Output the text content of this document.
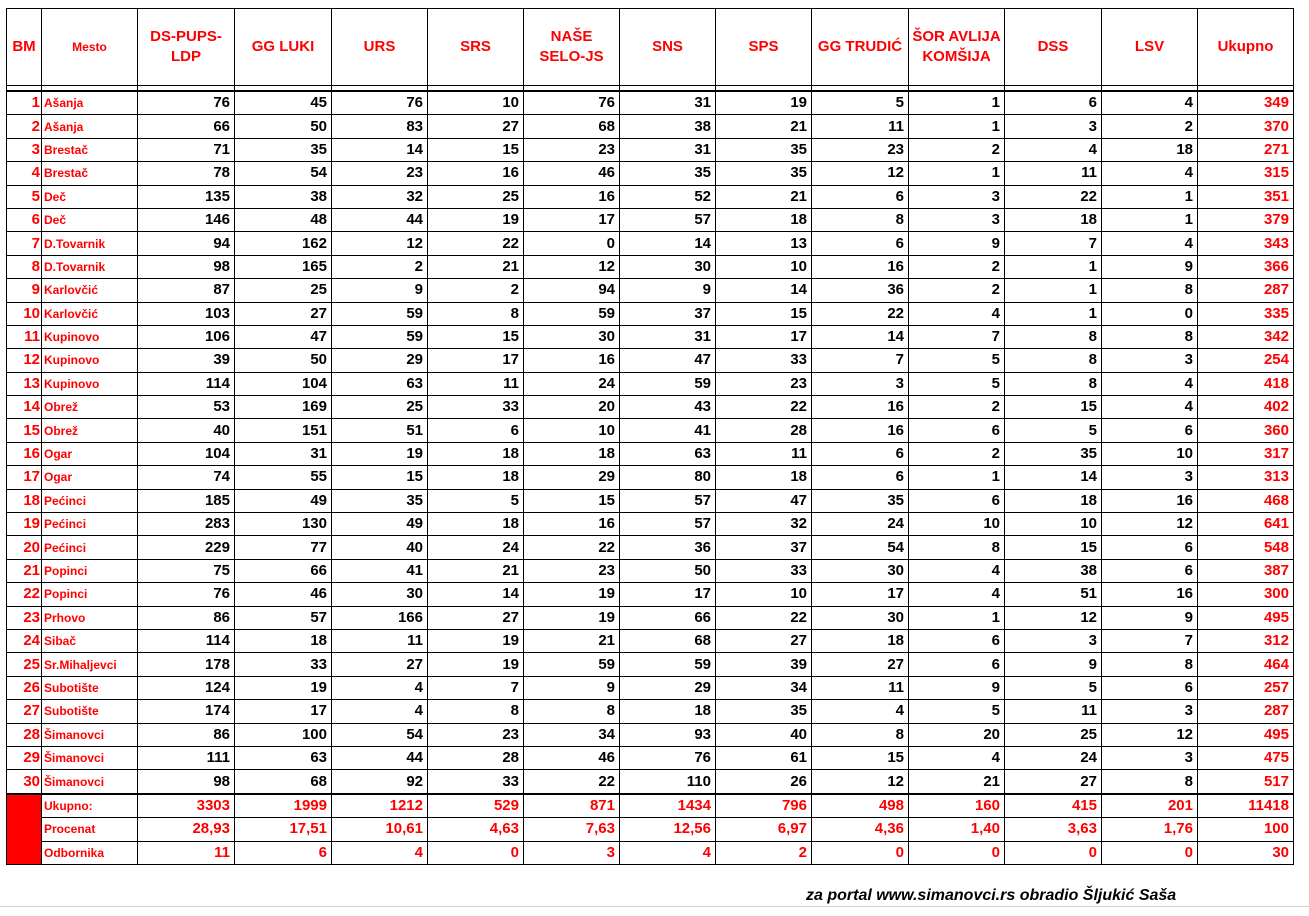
BM	Mesto	DS-PUPS-LDP	GG LUKI	URS	SRS	NAŠE SELO-JS	SNS	SPS	GG TRUDIĆ	ŠOR AVLIJA KOMŠIJA	DSS	LSV	Ukupno

1	Ašanja	76	45	76	10	76	31	19	5	1	6	4	349
2	Ašanja	66	50	83	27	68	38	21	11	1	3	2	370
3	Brestač	71	35	14	15	23	31	35	23	2	4	18	271
4	Brestač	78	54	23	16	46	35	35	12	1	11	4	315
5	Deč	135	38	32	25	16	52	21	6	3	22	1	351
6	Deč	146	48	44	19	17	57	18	8	3	18	1	379
7	D.Tovarnik	94	162	12	22	0	14	13	6	9	7	4	343
8	D.Tovarnik	98	165	2	21	12	30	10	16	2	1	9	366
9	Karlovčić	87	25	9	2	94	9	14	36	2	1	8	287
10	Karlovčić	103	27	59	8	59	37	15	22	4	1	0	335
11	Kupinovo	106	47	59	15	30	31	17	14	7	8	8	342
12	Kupinovo	39	50	29	17	16	47	33	7	5	8	3	254
13	Kupinovo	114	104	63	11	24	59	23	3	5	8	4	418
14	Obrež	53	169	25	33	20	43	22	16	2	15	4	402
15	Obrež	40	151	51	6	10	41	28	16	6	5	6	360
16	Ogar	104	31	19	18	18	63	11	6	2	35	10	317
17	Ogar	74	55	15	18	29	80	18	6	1	14	3	313
18	Pećinci	185	49	35	5	15	57	47	35	6	18	16	468
19	Pećinci	283	130	49	18	16	57	32	24	10	10	12	641
20	Pećinci	229	77	40	24	22	36	37	54	8	15	6	548
21	Popinci	75	66	41	21	23	50	33	30	4	38	6	387
22	Popinci	76	46	30	14	19	17	10	17	4	51	16	300
23	Prhovo	86	57	166	27	19	66	22	30	1	12	9	495
24	Sibač	114	18	11	19	21	68	27	18	6	3	7	312
25	Sr.Mihaljevci	178	33	27	19	59	59	39	27	6	9	8	464
26	Subotište	124	19	4	7	9	29	34	11	9	5	6	257
27	Subotište	174	17	4	8	8	18	35	4	5	11	3	287
28	Šimanovci	86	100	54	23	34	93	40	8	20	25	12	495
29	Šimanovci	111	63	44	28	46	76	61	15	4	24	3	475
30	Šimanovci	98	68	92	33	22	110	26	12	21	27	8	517
	Ukupno:	3303	1999	1212	529	871	1434	796	498	160	415	201	11418
	Procenat	28,93	17,51	10,61	4,63	7,63	12,56	6,97	4,36	1,40	3,63	1,76	100
	Odbornika	11	6	4	0	3	4	2	0	0	0	0	30
za portal www.simanovci.rs obradio Šljukić Saša
